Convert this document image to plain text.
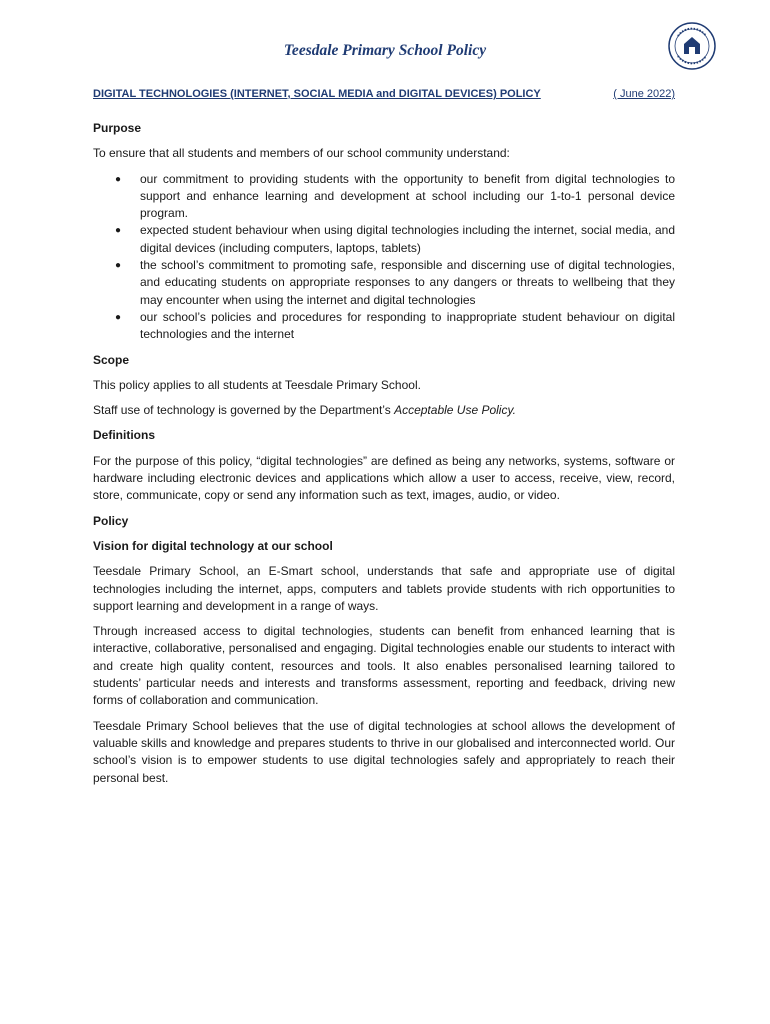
Teesdale Primary School Policy
DIGITAL TECHNOLOGIES (INTERNET, SOCIAL MEDIA and DIGITAL DEVICES) POLICY	( June 2022)
Purpose

To ensure that all students and members of our school community understand:

● our commitment to providing students with the opportunity to benefit from digital technologies to support and enhance learning and development at school including our 1-to-1 personal device program.
● expected student behaviour when using digital technologies including the internet, social media, and digital devices (including computers, laptops, tablets)
● the school’s commitment to promoting safe, responsible and discerning use of digital technologies, and educating students on appropriate responses to any dangers or threats to wellbeing that they may encounter when using the internet and digital technologies
● our school’s policies and procedures for responding to inappropriate student behaviour on digital technologies and the internet
Scope

This policy applies to all students at Teesdale Primary School.

Staff use of technology is governed by the Department’s Acceptable Use Policy.

Definitions

For the purpose of this policy, “digital technologies” are defined as being any networks, systems, software or hardware including electronic devices and applications which allow a user to access, receive, view, record, store, communicate, copy or send any information such as text, images, audio, or video.

Policy
Vision for digital technology at our school

Teesdale Primary School, an E-Smart school, understands that safe and appropriate use of digital technologies including the internet, apps, computers and tablets provide students with rich opportunities to support learning and development in a range of ways.

Through increased access to digital technologies, students can benefit from enhanced learning that is interactive, collaborative, personalised and engaging. Digital technologies enable our students to interact with and create high quality content, resources and tools. It also enables personalised learning tailored to students’ particular needs and interests and transforms assessment, reporting and feedback, driving new forms of collaboration and communication.

Teesdale Primary School believes that the use of digital technologies at school allows the development of valuable skills and knowledge and prepares students to thrive in our globalised and interconnected world. Our school’s vision is to empower students to use digital technologies safely and appropriately to reach their personal best.
